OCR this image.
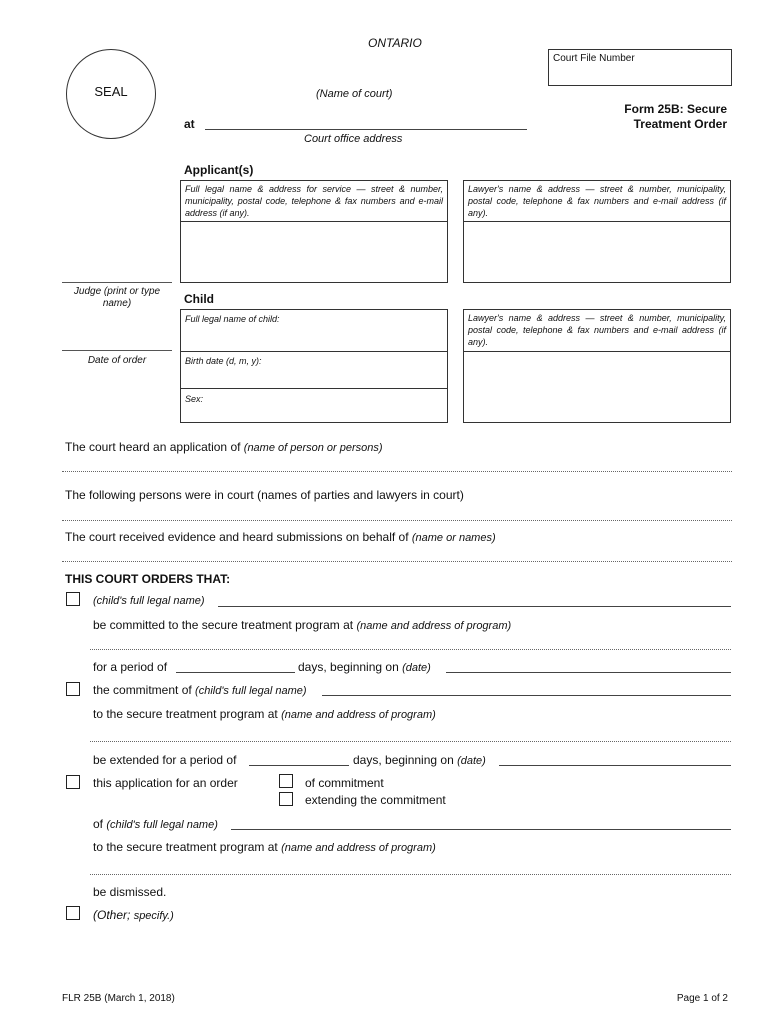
ONTARIO
SEAL
Court File Number
(Name of court)
at
Court office address
Form 25B: Secure
Treatment Order
Judge (print or type name)
Date of order
Applicant(s)
Full legal name & address for service — street & number, municipality, postal code, telephone & fax numbers and e-mail address (if any).
Lawyer's name & address — street & number, municipality, postal code, telephone & fax numbers and e-mail address (if any).
Child
Full legal name of child:
Birth date (d, m, y):
Sex:
Lawyer's name & address — street & number, municipality, postal code, telephone & fax numbers and e-mail address (if any).
The court heard an application of (name of person or persons)
The following persons were in court (names of parties and lawyers in court)
The court received evidence and heard submissions on behalf of (name or names)
THIS COURT ORDERS THAT:
(child's full legal name)
be committed to the secure treatment program at (name and address of program)
for a period of	days, beginning on (date)
the commitment of (child's full legal name)
to the secure treatment program at (name and address of program)
be extended for a period of	days, beginning on (date)
this application for an order	of commitment
extending the commitment
of (child's full legal name)
to the secure treatment program at (name and address of program)
be dismissed.
(Other; specify.)
FLR 25B (March 1, 2018)	Page 1 of 2
